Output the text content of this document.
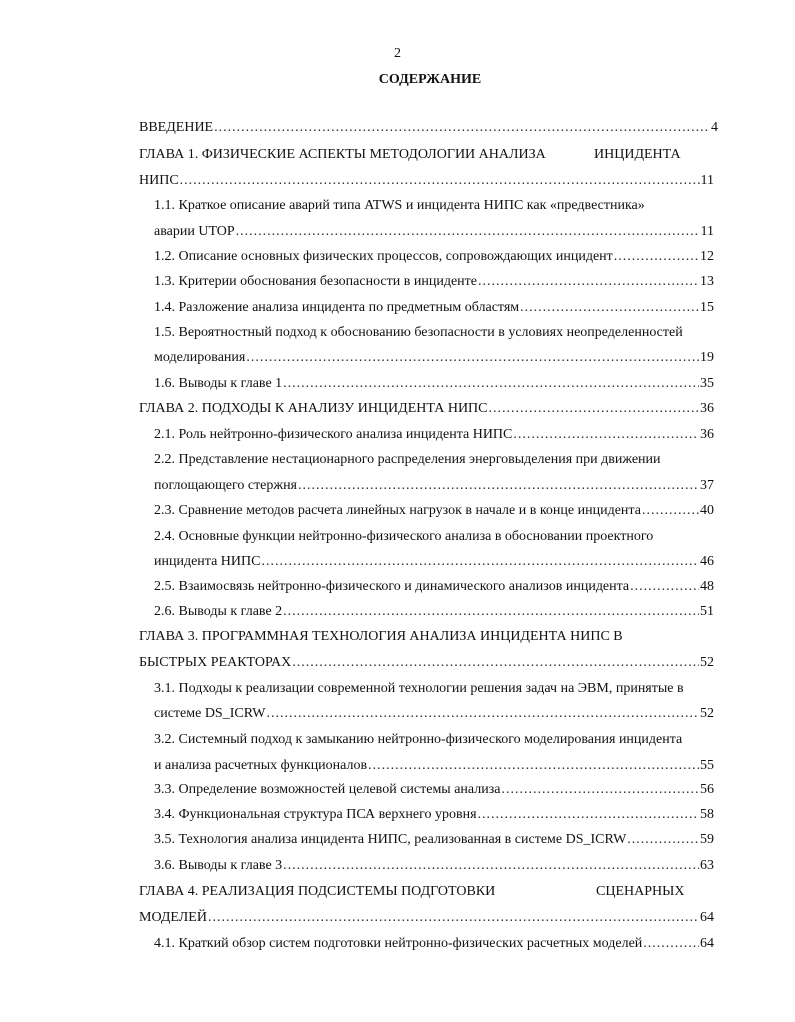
2
СОДЕРЖАНИЕ
ВВЕДЕНИЕ .....	4
ГЛАВА 1. ФИЗИЧЕСКИЕ АСПЕКТЫ МЕТОДОЛОГИИ АНАЛИЗА	ИНЦИДЕНТА
НИПС .....	11
1.1. Краткое описание аварий типа ATWS и инцидента НИПС как «предвестника»
аварии UTOP .....	11
1.2. Описание основных физических процессов, сопровождающих инцидент .....	12
1.3. Критерии обоснования безопасности в инциденте .....	13
1.4. Разложение анализа инцидента по предметным областям .....	15
1.5. Вероятностный подход к обоснованию безопасности в условиях неопределенностей
моделирования .....	19
1.6. Выводы к главе 1 .....	35
ГЛАВА 2. ПОДХОДЫ К АНАЛИЗУ ИНЦИДЕНТА НИПС .....	36
2.1. Роль нейтронно-физического анализа инцидента НИПС .....	36
2.2. Представление нестационарного распределения энерговыделения при движении
поглощающего стержня .....	37
2.3. Сравнение методов расчета линейных нагрузок в начале и в конце инцидента .....	40
2.4. Основные функции нейтронно-физического анализа в обосновании проектного
инцидента НИПС .....	46
2.5. Взаимосвязь нейтронно-физического и динамического анализов инцидента .....	48
2.6. Выводы к главе 2 .....	51
ГЛАВА 3. ПРОГРАММНАЯ ТЕХНОЛОГИЯ АНАЛИЗА ИНЦИДЕНТА НИПС В
БЫСТРЫХ РЕАКТОРАХ .....	52
3.1. Подходы к реализации современной технологии решения задач на ЭВМ, принятые в
системе DS_ICRW .....	52
3.2. Системный подход к замыканию нейтронно-физического моделирования инцидента
и анализа расчетных функционалов .....	55
3.3. Определение возможностей целевой системы анализа .....	56
3.4. Функциональная структура ПСА верхнего уровня .....	58
3.5. Технология анализа инцидента НИПС, реализованная в системе DS_ICRW .....	59
3.6. Выводы к главе 3 .....	63
ГЛАВА 4. РЕАЛИЗАЦИЯ ПОДСИСТЕМЫ ПОДГОТОВКИ	СЦЕНАРНЫХ
МОДЕЛЕЙ .....	64
4.1. Краткий обзор систем подготовки нейтронно-физических расчетных моделей .....	64
